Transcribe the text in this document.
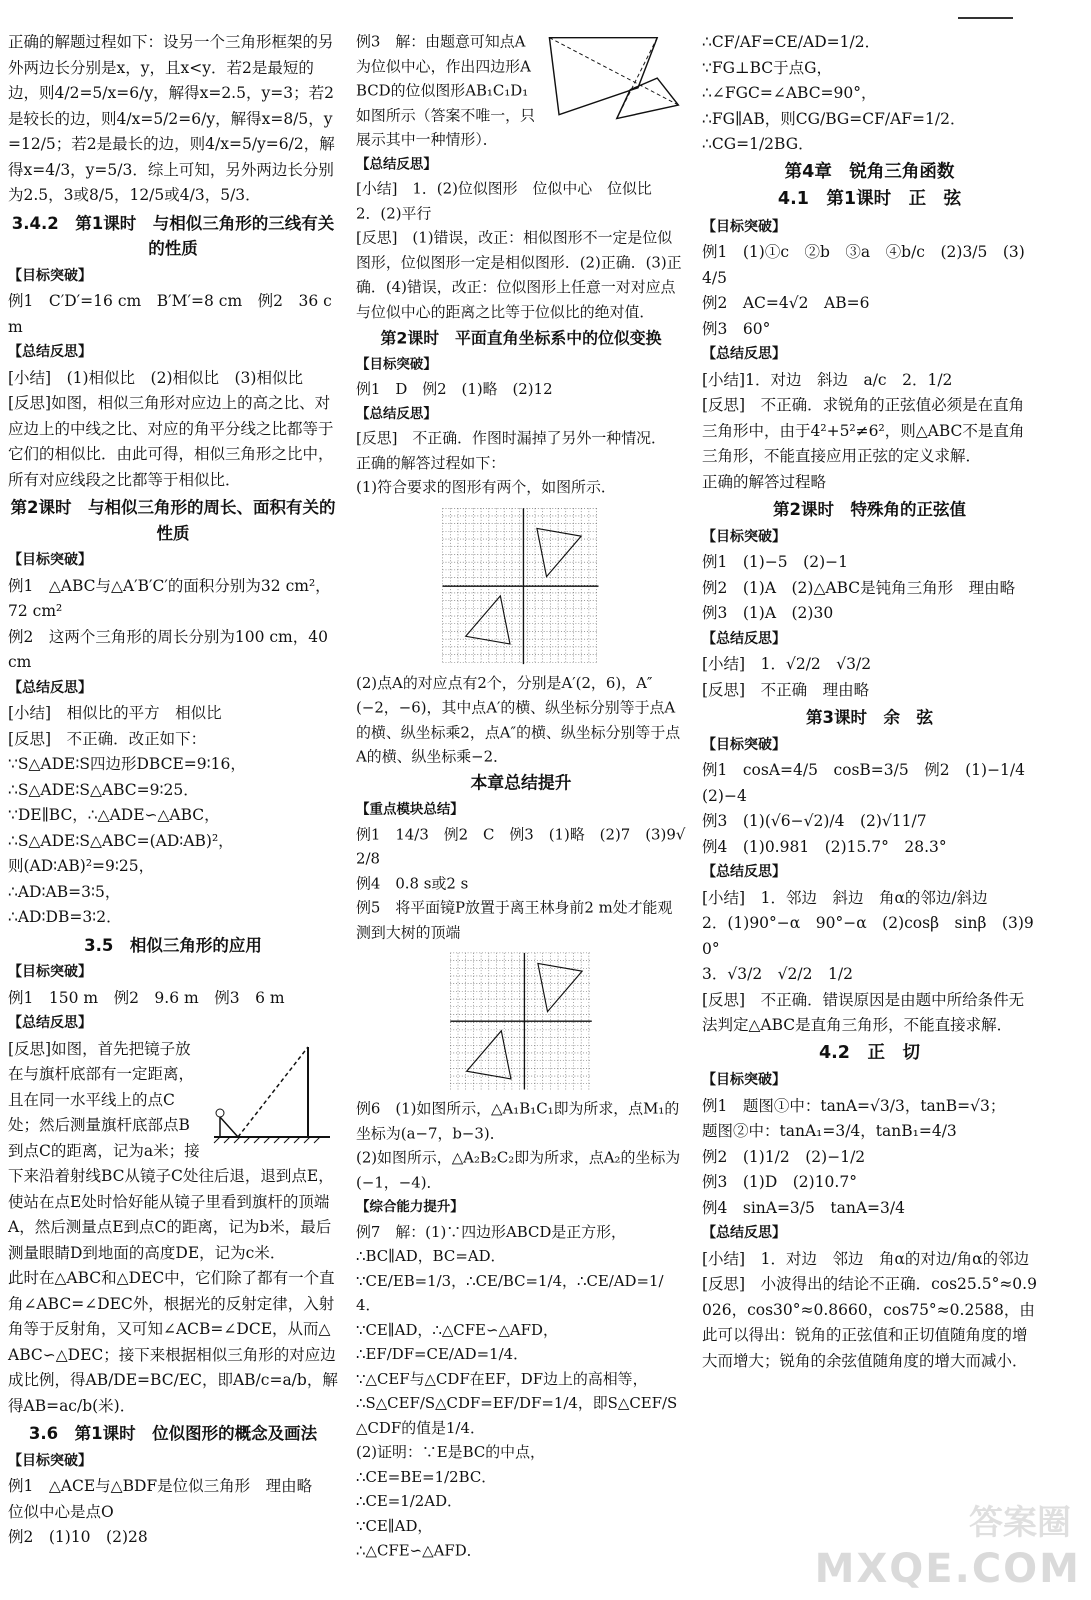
正确的解题过程如下：设另一个三角形框架的另外两边长分别是x，y，且x<y．若2是最短的边，则4/2=5/x=6/y，解得x=2.5，y=3；若2是较长的边，则4/x=5/2=6/y，解得x=8/5，y=12/5；若2是最长的边，则4/x=5/y=6/2，解得x=4/3，y=5/3．综上可知，另外两边长分别为2.5，3或8/5，12/5或4/3，5/3．
3.4.2　第1课时　与相似三角形的三线有关的性质
【目标突破】
例1　C′D′=16 cm　B′M′=8 cm　例2　36 cm
【总结反思】
[小结]　(1)相似比　(2)相似比　(3)相似比
[反思]如图，相似三角形对应边上的高之比、对应边上的中线之比、对应的角平分线之比都等于它们的相似比．由此可得，相似三角形之比中，所有对应线段之比都等于相似比．
第2课时　与相似三角形的周长、面积有关的性质
【目标突破】
例1　△ABC与△A′B′C′的面积分别为32 cm²，72 cm²
例2　这两个三角形的周长分别为100 cm，40 cm
【总结反思】
[小结]　相似比的平方　相似比
[反思]　不正确．改正如下：
∵S△ADE∶S四边形DBCE=9∶16，
∴S△ADE∶S△ABC=9∶25．
∵DE∥BC，∴△ADE∽△ABC，
∴S△ADE∶S△ABC=(AD∶AB)²，
则(AD∶AB)²=9∶25，
∴AD∶AB=3∶5，
∴AD∶DB=3∶2．
3.5　相似三角形的应用
【目标突破】
例1　150 m　例2　9.6 m　例3　6 m
【总结反思】
[反思]如图，首先把镜子放在与旗杆底部有一定距离，且在同一水平线上的点C处；然后测量旗杆底部点B到点C的距离，记为a米；接下来沿着射线BC从镜子C处往后退，退到点E，使站在点E处时恰好能从镜子里看到旗杆的顶端A，然后测量点E到点C的距离，记为b米，最后测量眼睛D到地面的高度DE，记为c米．
此时在△ABC和△DEC中，它们除了都有一个直角∠ABC=∠DEC外，根据光的反射定律，入射角等于反射角，又可知∠ACB=∠DCE，从而△ABC∽△DEC；接下来根据相似三角形的对应边成比例，得AB/DE=BC/EC，即AB/c=a/b，解得AB=ac/b(米)．
3.6　第1课时　位似图形的概念及画法
【目标突破】
例1　△ACE与△BDF是位似三角形　理由略
位似中心是点O
例2　(1)10　(2)28
例3　解：由题意可知点A为位似中心，作出四边形ABCD的位似图形AB₁C₁D₁如图所示（答案不唯一，只展示其中一种情形）．
【总结反思】
[小结]　1．(2)位似图形　位似中心　位似比
2．(2)平行
[反思]　(1)错误，改正：相似图形不一定是位似图形，位似图形一定是相似图形．(2)正确．(3)正确．(4)错误，改正：位似图形上任意一对对应点与位似中心的距离之比等于位似比的绝对值．
第2课时　平面直角坐标系中的位似变换
【目标突破】
例1　D　例2　(1)略　(2)12
【总结反思】
[反思]　不正确．作图时漏掉了另外一种情况．
正确的解答过程如下：
(1)符合要求的图形有两个，如图所示．
(2)点A的对应点有2个，分别是A′(2，6)，A″(−2，−6)，其中点A′的横、纵坐标分别等于点A的横、纵坐标乘2，点A″的横、纵坐标分别等于点A的横、纵坐标乘−2．
本章总结提升
【重点模块总结】
例1　14/3　例2　C　例3　(1)略　(2)7　(3)9√2/8
例4　0.8 s或2 s
例5　将平面镜P放置于离王林身前2 m处才能观测到大树的顶端
例6　(1)如图所示，△A₁B₁C₁即为所求，点M₁的坐标为(a−7，b−3)．
(2)如图所示，△A₂B₂C₂即为所求，点A₂的坐标为(−1，−4)．
【综合能力提升】
例7　解：(1)∵四边形ABCD是正方形，
∴BC∥AD，BC=AD．
∵CE/EB=1/3，∴CE/BC=1/4，∴CE/AD=1/4．
∵CE∥AD，∴△CFE∽△AFD，
∴EF/DF=CE/AD=1/4．
∵△CEF与△CDF在EF，DF边上的高相等，
∴S△CEF/S△CDF=EF/DF=1/4，即S△CEF/S△CDF的值是1/4．
(2)证明：∵E是BC的中点，
∴CE=BE=1/2BC．
∴CE=1/2AD．
∵CE∥AD，
∴△CFE∽△AFD．
∴CF/AF=CE/AD=1/2．
∵FG⊥BC于点G，
∴∠FGC=∠ABC=90°，
∴FG∥AB，则CG/BG=CF/AF=1/2．
∴CG=1/2BG．
第4章　锐角三角函数
4.1　第1课时　正　弦
【目标突破】
例1　(1)①c　②b　③a　④b/c　(2)3/5　(3)4/5
例2　AC=4√2　AB=6
例3　60°
【总结反思】
[小结]1．对边　斜边　a/c　2．1/2
[反思]　不正确．求锐角的正弦值必须是在直角三角形中，由于4²+5²≠6²，则△ABC不是直角三角形，不能直接应用正弦的定义求解．
正确的解答过程略
第2课时　特殊角的正弦值
【目标突破】
例1　(1)−5　(2)−1
例2　(1)A　(2)△ABC是钝角三角形　理由略
例3　(1)A　(2)30
【总结反思】
[小结]　1．√2/2　√3/2
[反思]　不正确　理由略
第3课时　余　弦
【目标突破】
例1　cosA=4/5　cosB=3/5　例2　(1)−1/4　(2)−4
例3　(1)(√6−√2)/4　(2)√11/7
例4　(1)0.981　(2)15.7°　28.3°
【总结反思】
[小结]　1．邻边　斜边　角α的邻边/斜边
2．(1)90°−α　90°−α　(2)cosβ　sinβ　(3)90°
3．√3/2　√2/2　1/2
[反思]　不正确．错误原因是由题中所给条件无法判定△ABC是直角三角形，不能直接求解．
4.2　正　切
【目标突破】
例1　题图①中：tanA=√3/3，tanB=√3；
题图②中：tanA₁=3/4，tanB₁=4/3
例2　(1)1/2　(2)−1/2
例3　(1)D　(2)10.7°
例4　sinA=3/5　tanA=3/4
【总结反思】
[小结]　1．对边　邻边　角α的对边/角α的邻边
[反思]　小波得出的结论不正确．cos25.5°≈0.9026，cos30°≈0.8660，cos75°≈0.2588，由此可以得出：锐角的正弦值和正切值随角度的增大而增大；锐角的余弦值随角度的增大而减小．
答案圈
MXQE.COM
